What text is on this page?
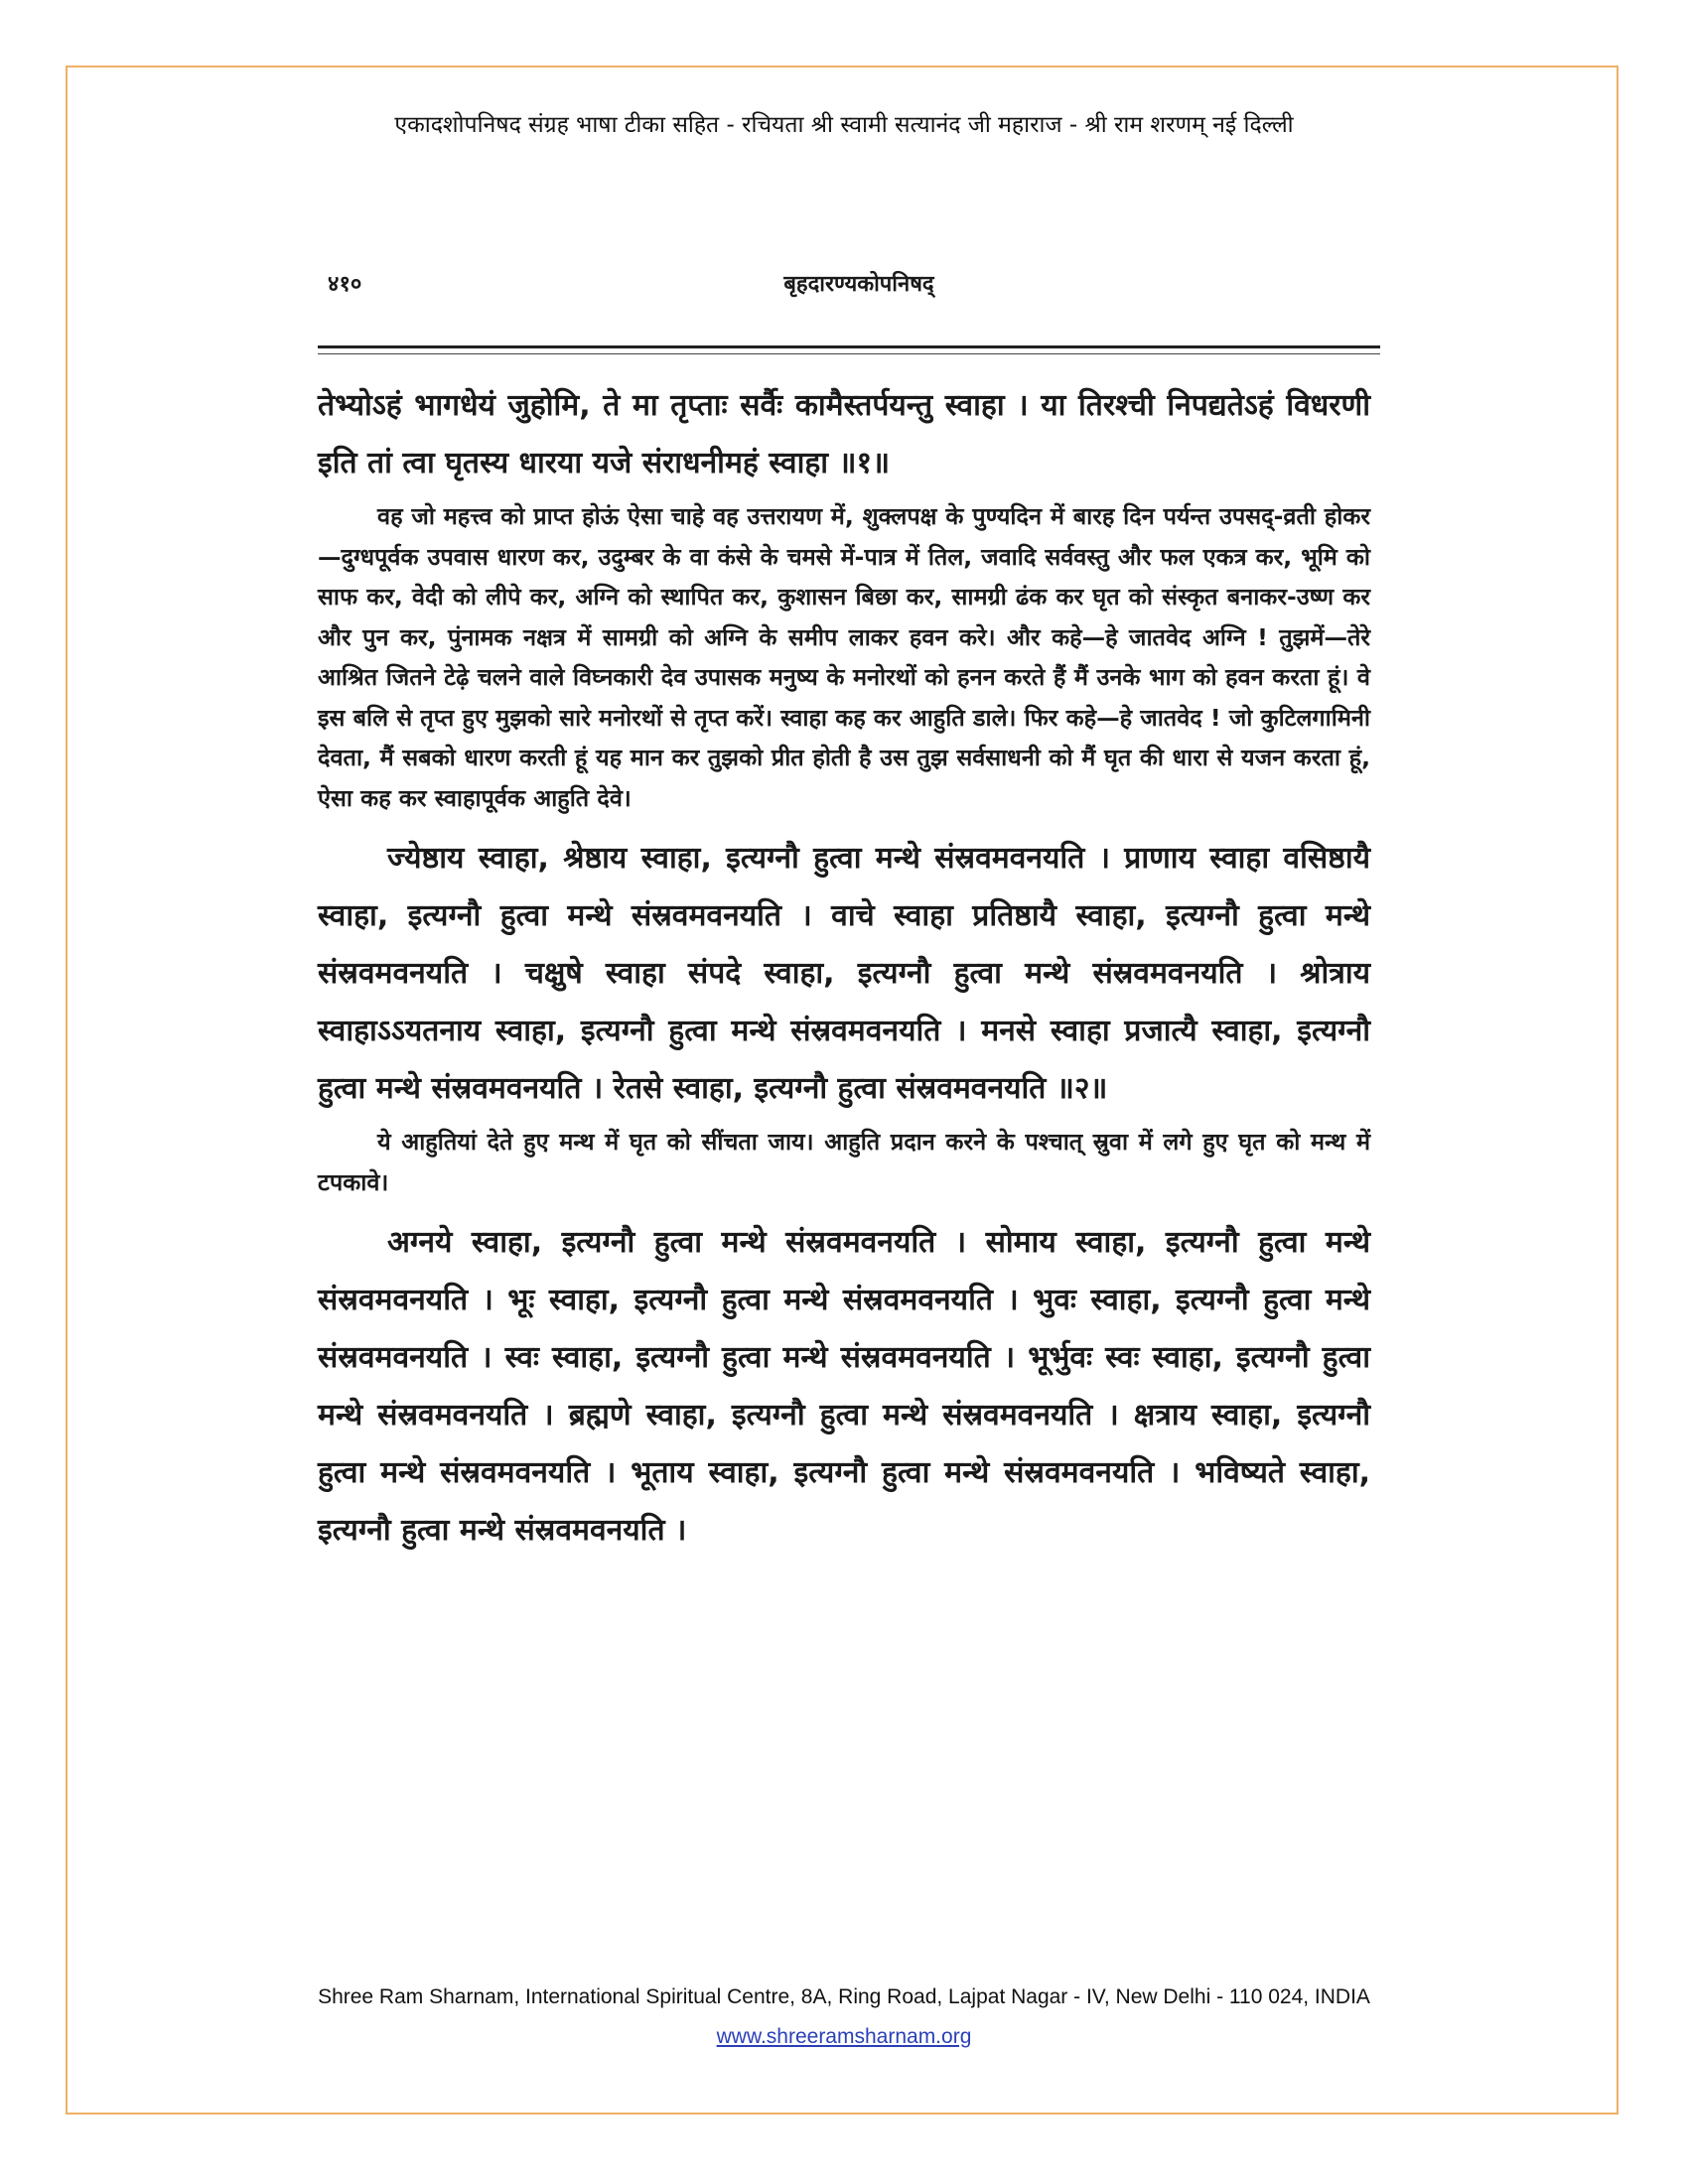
एकादशोपनिषद संग्रह भाषा टीका सहित - रचियता श्री स्वामी सत्यानंद जी महाराज - श्री राम शरणम् नई दिल्ली
४१०	बृहदारण्यकोपनिषद्

तेभ्योऽहं भागधेयं जुहोमि, ते मा तृप्ताः सर्वैः कामैस्तर्पयन्तु स्वाहा । या तिरश्ची निपद्यतेऽहं विधरणी इति तां त्वा घृतस्य धारया यजे संराधनीमहं स्वाहा ॥१॥

वह जो महत्त्व को प्राप्त होऊं ऐसा चाहे वह उत्तरायण में, शुक्लपक्ष के पुण्यदिन में बारह दिन पर्यन्त उपसद्-व्रती होकर—दुग्धपूर्वक उपवास धारण कर, उदुम्बर के वा कंसे के चमसे में-पात्र में तिल, जवादि सर्ववस्तु और फल एकत्र कर, भूमि को साफ कर, वेदी को लीपे कर, अग्नि को स्थापित कर, कुशासन बिछा कर, सामग्री ढंक कर घृत को संस्कृत बनाकर-उष्ण कर और पुन कर, पुंनामक नक्षत्र में सामग्री को अग्नि के समीप लाकर हवन करे। और कहे—हे जातवेद अग्नि ! तुझमें—तेरे आश्रित जितने टेढ़े चलने वाले विघ्नकारी देव उपासक मनुष्य के मनोरथों को हनन करते हैं मैं उनके भाग को हवन करता हूं। वे इस बलि से तृप्त हुए मुझको सारे मनोरथों से तृप्त करें। स्वाहा कह कर आहुति डाले। फिर कहे—हे जातवेद ! जो कुटिलगामिनी देवता, मैं सबको धारण करती हूं यह मान कर तुझको प्रीत होती है उस तुझ सर्वसाधनी को मैं घृत की धारा से यजन करता हूं, ऐसा कह कर स्वाहापूर्वक आहुति देवे।

ज्येष्ठाय स्वाहा, श्रेष्ठाय स्वाहा, इत्यग्नौ हुत्वा मन्थे संस्रवमवनयति । प्राणाय स्वाहा वसिष्ठायै स्वाहा, इत्यग्नौ हुत्वा मन्थे संस्रवमवनयति । वाचे स्वाहा प्रतिष्ठायै स्वाहा, इत्यग्नौ हुत्वा मन्थे संस्रवमवनयति । चक्षुषे स्वाहा संपदे स्वाहा, इत्यग्नौ हुत्वा मन्थे संस्रवमवनयति । श्रोत्राय स्वाहाऽऽयतनाय स्वाहा, इत्यग्नौ हुत्वा मन्थे संस्रवमवनयति । मनसे स्वाहा प्रजात्यै स्वाहा, इत्यग्नौ हुत्वा मन्थे संस्रवमवनयति । रेतसे स्वाहा, इत्यग्नौ हुत्वा संस्रवमवनयति ॥२॥

ये आहुतियां देते हुए मन्थ में घृत को सींचता जाय। आहुति प्रदान करने के पश्चात् स्रुवा में लगे हुए घृत को मन्थ में टपकावे।

अग्नये स्वाहा, इत्यग्नौ हुत्वा मन्थे संस्रवमवनयति । सोमाय स्वाहा, इत्यग्नौ हुत्वा मन्थे संस्रवमवनयति । भूः स्वाहा, इत्यग्नौ हुत्वा मन्थे संस्रवमवनयति । भुवः स्वाहा, इत्यग्नौ हुत्वा मन्थे संस्रवमवनयति । स्वः स्वाहा, इत्यग्नौ हुत्वा मन्थे संस्रवमवनयति । भूर्भुवः स्वः स्वाहा, इत्यग्नौ हुत्वा मन्थे संस्रवमवनयति । ब्रह्मणे स्वाहा, इत्यग्नौ हुत्वा मन्थे संस्रवमवनयति । क्षत्राय स्वाहा, इत्यग्नौ हुत्वा मन्थे संस्रवमवनयति । भूताय स्वाहा, इत्यग्नौ हुत्वा मन्थे संस्रवमवनयति । भविष्यते स्वाहा, इत्यग्नौ हुत्वा मन्थे संस्रवमवनयति ।

Shree Ram Sharnam, International Spiritual Centre, 8A, Ring Road, Lajpat Nagar - IV, New Delhi - 110 024, INDIA
www.shreeramsharnam.org
